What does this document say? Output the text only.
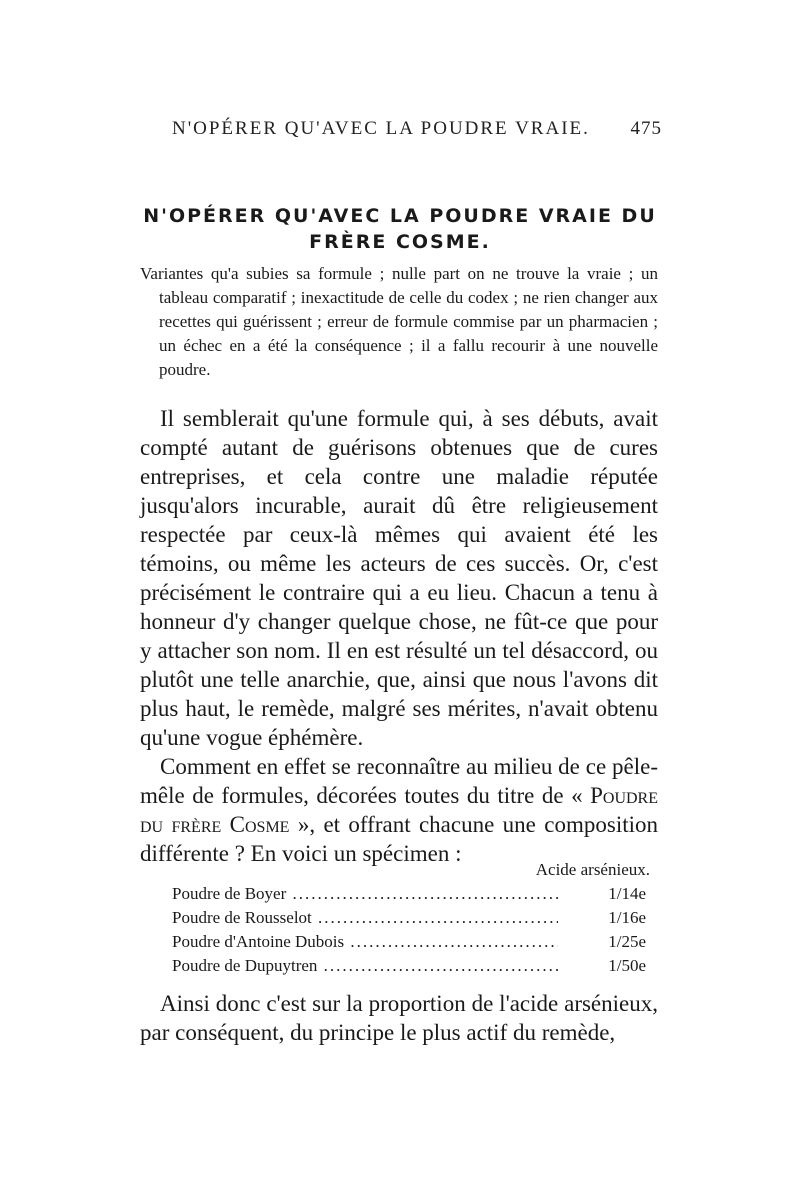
N'OPÉRER QU'AVEC LA POUDRE VRAIE. 475
N'OPÉRER QU'AVEC LA POUDRE VRAIE DU
FRÈRE COSME.

Variantes qu'a subies sa formule ; nulle part on ne trouve la vraie ; un tableau comparatif ; inexactitude de celle du codex ; ne rien changer aux recettes qui guérissent ; erreur de formule commise par un pharmacien ; un échec en a été la conséquence ; il a fallu recourir à une nouvelle poudre.

Il semblerait qu'une formule qui, à ses débuts, avait compté autant de guérisons obtenues que de cures entreprises, et cela contre une maladie réputée jusqu'alors incurable, aurait dû être religieusement respectée par ceux-là mêmes qui avaient été les témoins, ou même les acteurs de ces succès. Or, c'est précisément le contraire qui a eu lieu. Chacun a tenu à honneur d'y changer quelque chose, ne fût-ce que pour y attacher son nom. Il en est résulté un tel désaccord, ou plutôt une telle anarchie, que, ainsi que nous l'avons dit plus haut, le remède, malgré ses mérites, n'avait obtenu qu'une vogue éphémère.

Comment en effet se reconnaître au milieu de ce pêle-mêle de formules, décorées toutes du titre de « Poudre du frère Cosme », et offrant chacune une composition différente ? En voici un spécimen :

Acide arsénieux.
Poudre de Boyer .....	1/14e
Poudre de Rousselot .....	1/16e
Poudre d'Antoine Dubois .....	1/25e
Poudre de Dupuytren .....	1/50e

Ainsi donc c'est sur la proportion de l'acide arsénieux, par conséquent, du principe le plus actif du remède,
